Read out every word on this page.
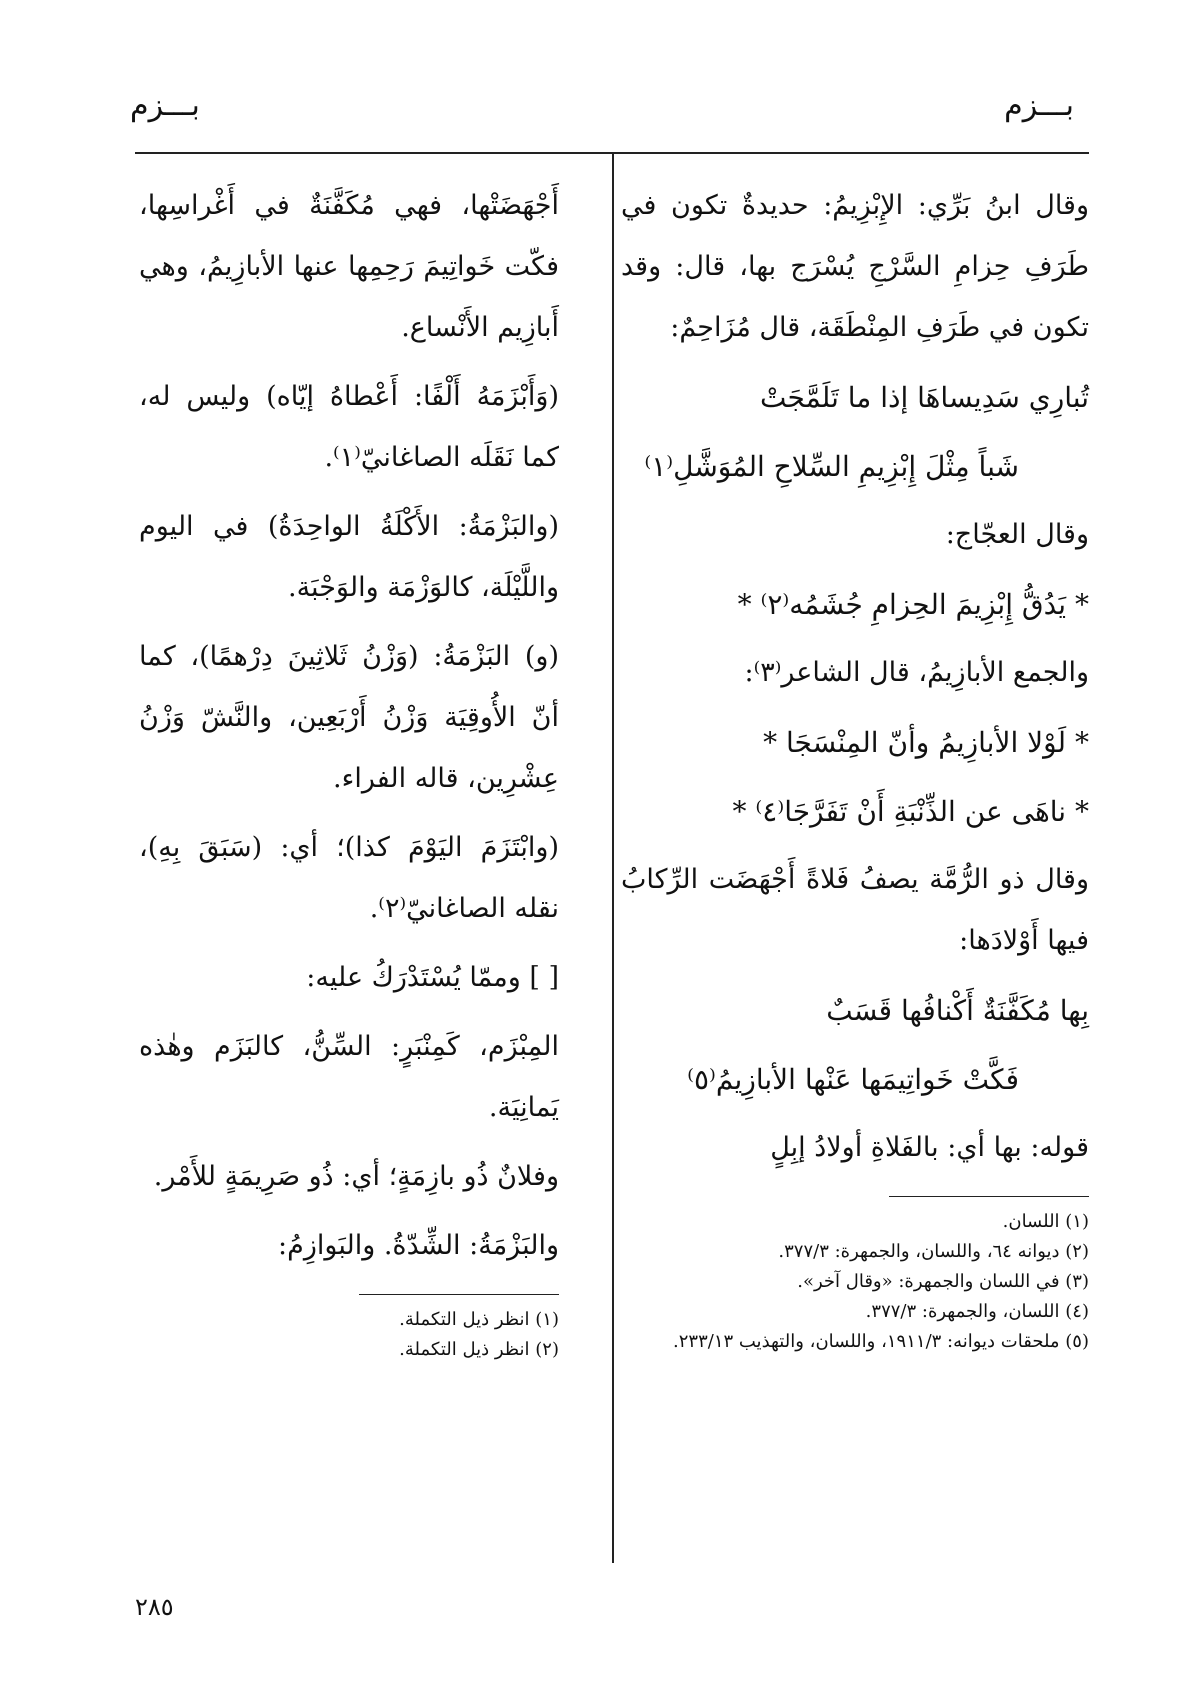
بـــزم
بـــزم

وقال ابنُ بَرِّي: الإِبْزِيمُ: حديدةٌ تكون في طَرَفِ حِزامِ السَّرْجِ يُسْرَج بها، قال: وقد تكون في طَرَفِ المِنْطَقَة، قال مُزَاحِمٌ:

تُبارِي سَدِيساهَا إذا ما تَلَمَّجَتْ

شَباً مِثْلَ إِبْزِيمِ السِّلاحِ المُوَشَّلِ⁽١⁾

وقال العجّاج:

* يَدُقُّ إِبْزِيمَ الحِزامِ جُشَمُه⁽٢⁾ *

والجمع الأبازِيمُ، قال الشاعر⁽٣⁾:

* لَوْلا الأبازِيمُ وأنّ المِنْسَجَا *

* ناهَى عن الذِّنْبَةِ أَنْ تَفَرَّجَا⁽٤⁾ *

وقال ذو الرُّمَّة يصفُ فَلاةً أَجْهَضَت الرِّكابُ فيها أَوْلادَها:

بِها مُكَفَّنَةٌ أَكْنافُها قَسَبٌ

فَكَّتْ خَواتِيمَها عَنْها الأبازِيمُ⁽٥⁾

قوله: بها أي: بالفَلاةِ أولادُ إبِلٍ

(١) اللسان.

(٢) ديوانه ٦٤، واللسان، والجمهرة: ٣٧٧/٣.

(٣) في اللسان والجمهرة: «وقال آخر».

(٤) اللسان، والجمهرة: ٣٧٧/٣.

(٥) ملحقات ديوانه: ١٩١١/٣، واللسان، والتهذيب ٢٣٣/١٣.

أَجْهَضَتْها، فهي مُكَفَّنَةٌ في أَغْراسِها، فكّت خَواتِيمَ رَحِمِها عنها الأبازِيمُ، وهي أَبازِيم الأَنْساع.

(وَأَبْزَمَهُ أَلْفًا: أَعْطاهُ إيّاه) وليس له، كما نَقَلَه الصاغانيّ⁽١⁾.

(والبَزْمَةُ: الأَكْلَةُ الواحِدَةُ) في اليوم واللَّيْلَة، كالوَزْمَة والوَجْبَة.

(و) البَزْمَةُ: (وَزْنُ ثَلاثِينَ دِرْهمًا)، كما أنّ الأُوقِيَة وَزْنُ أَرْبَعِين، والنَّشّ وَزْنُ عِشْرِين، قاله الفراء.

(وابْتَزَمَ اليَوْمَ كذا)؛ أي: (سَبَقَ بِهِ)، نقله الصاغانيّ⁽٢⁾.

[ ] وممّا يُسْتَدْرَكُ عليه:

المِبْزَم، كَمِنْبَرٍ: السِّنُّ، كالبَزَم وهٰذه يَمانِيَة.

وفلانٌ ذُو بازِمَةٍ؛ أي: ذُو صَرِيمَةٍ للأَمْر.

والبَزْمَةُ: الشِّدّةُ. والبَوازِمُ:

(١) انظر ذيل التكملة.

(٢) انظر ذيل التكملة.

٢٨٥
